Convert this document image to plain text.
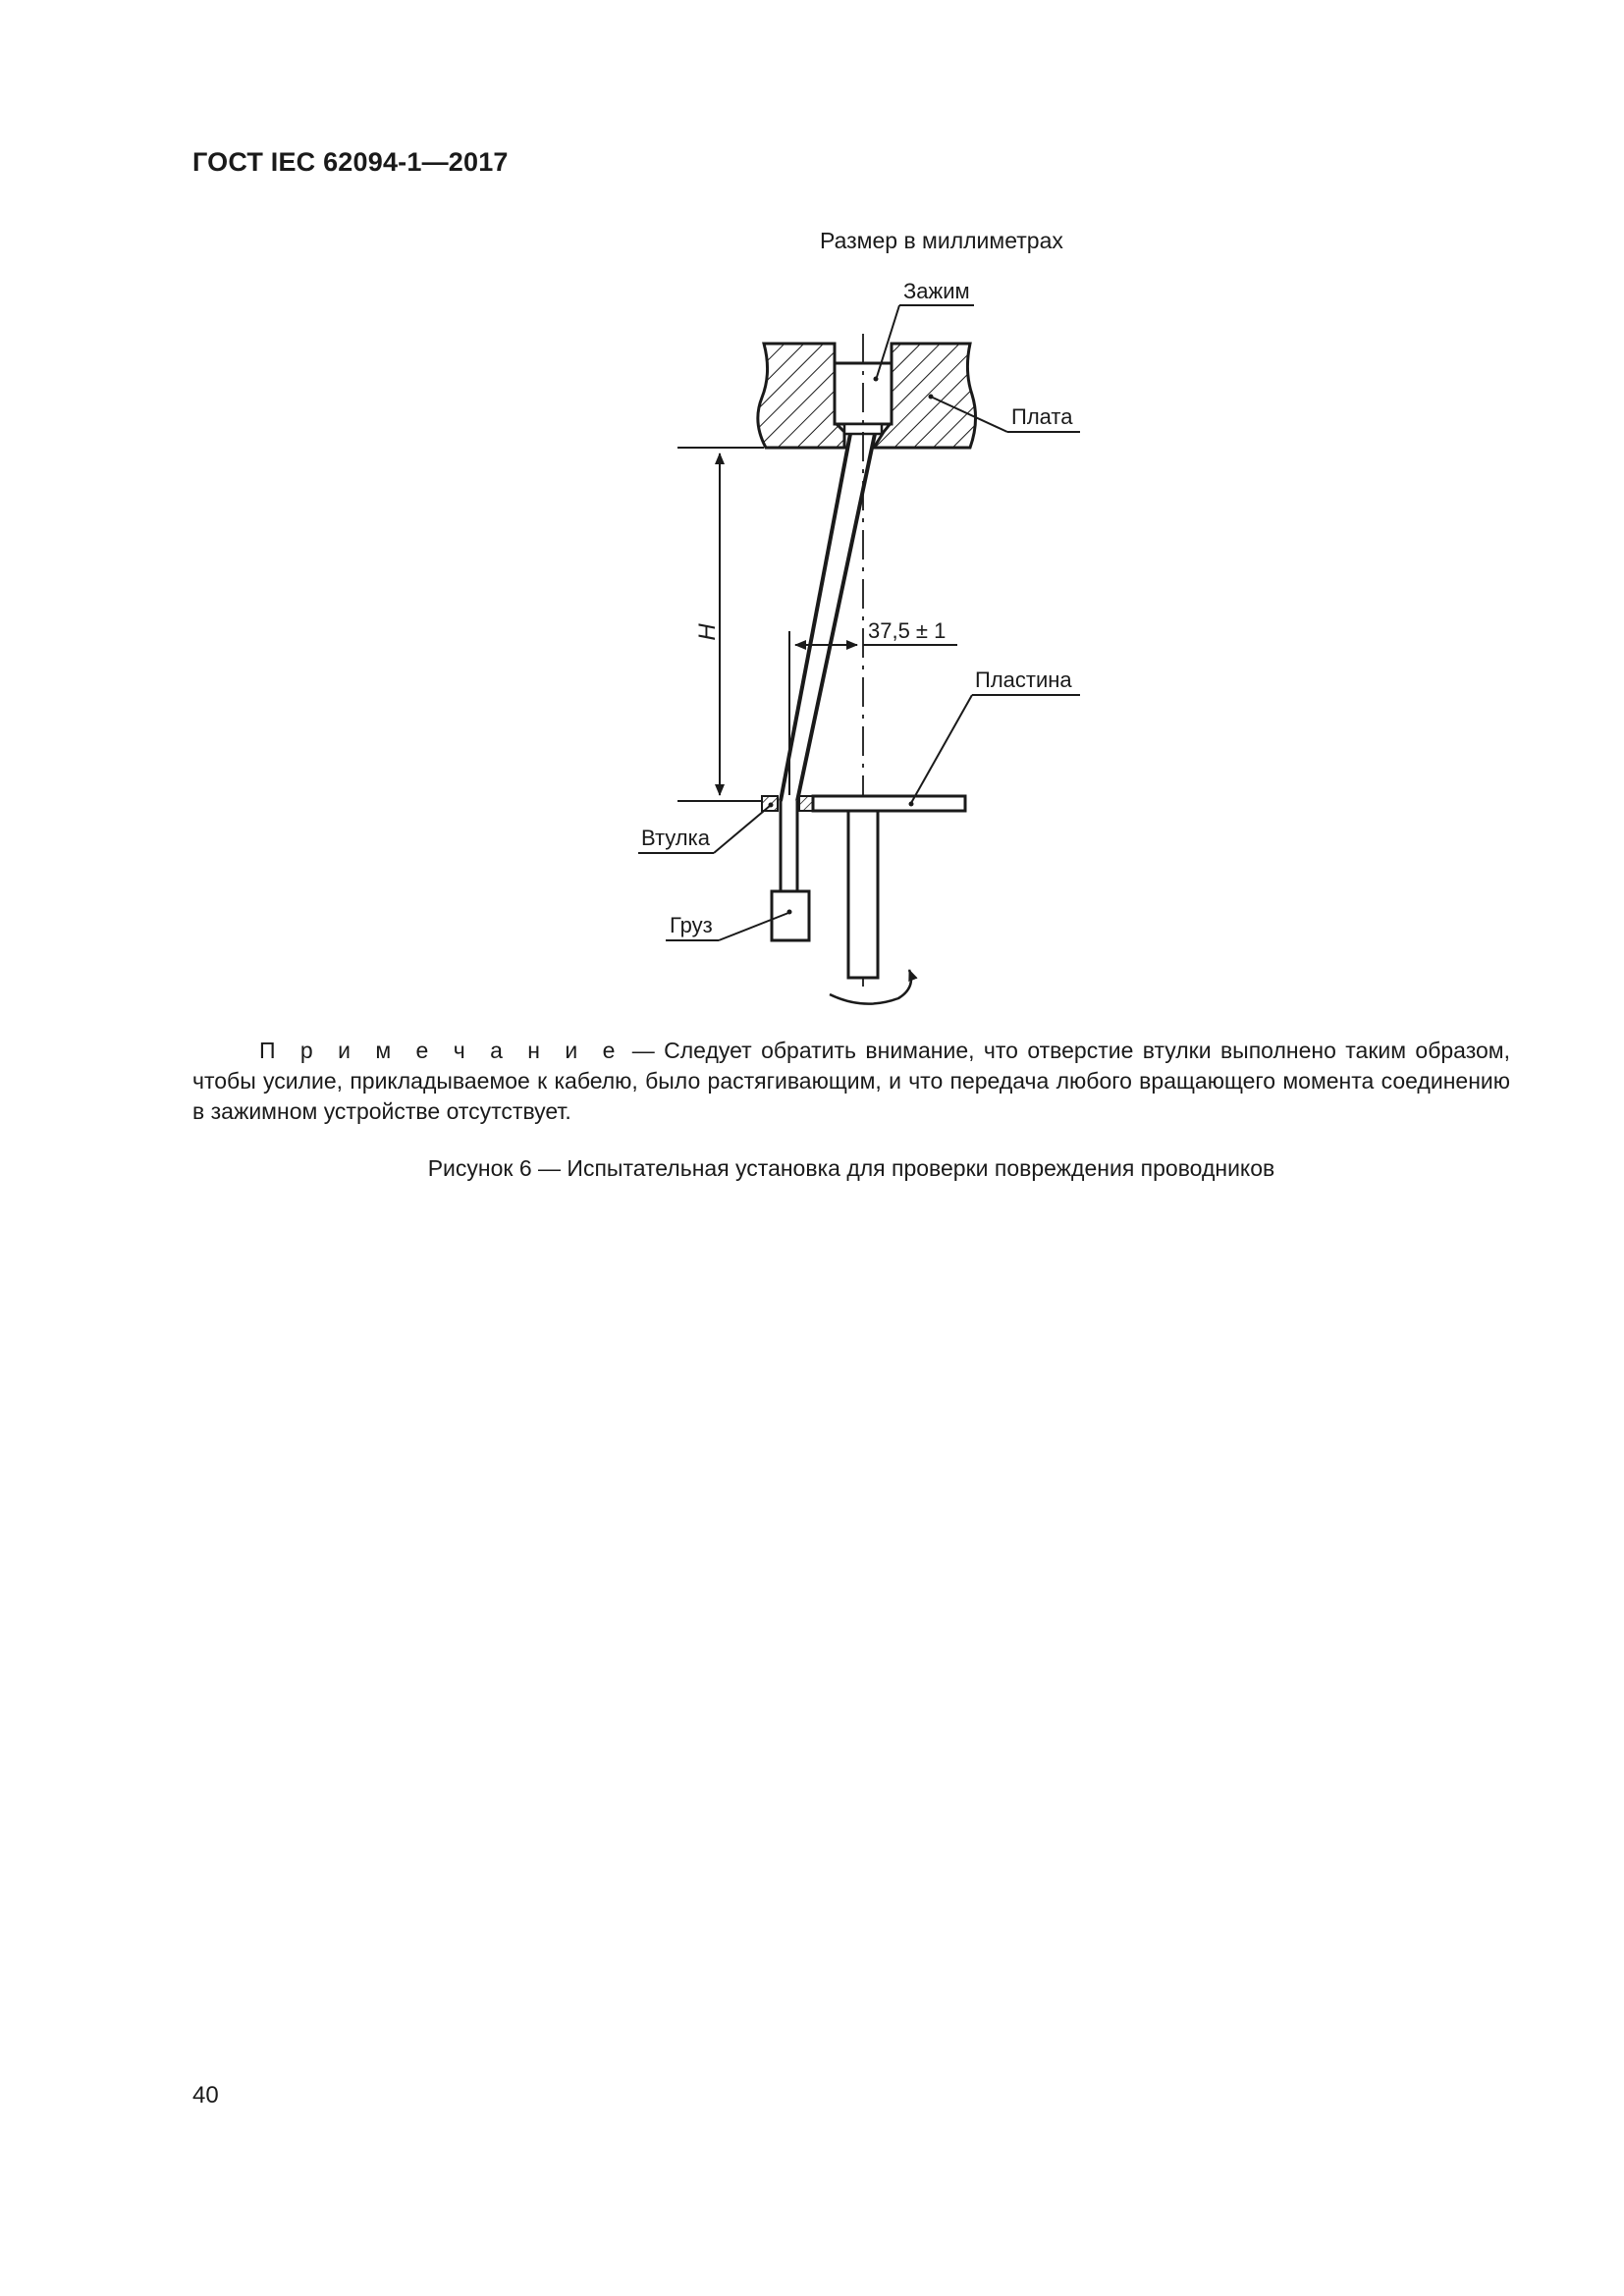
ГОСТ IEC 62094-1—2017
Размер в миллиметрах
H	37,5 ± 1
Зажим
Плата
Пластина
Втулка
Груз
П р и м е ч а н и е — Следует обратить внимание, что отверстие втулки выполнено таким образом, чтобы усилие, прикладываемое к кабелю, было растягивающим, и что передача любого вращающего момента соединению в зажимном устройстве отсутствует.
Рисунок 6 — Испытательная установка для проверки повреждения проводников
40
